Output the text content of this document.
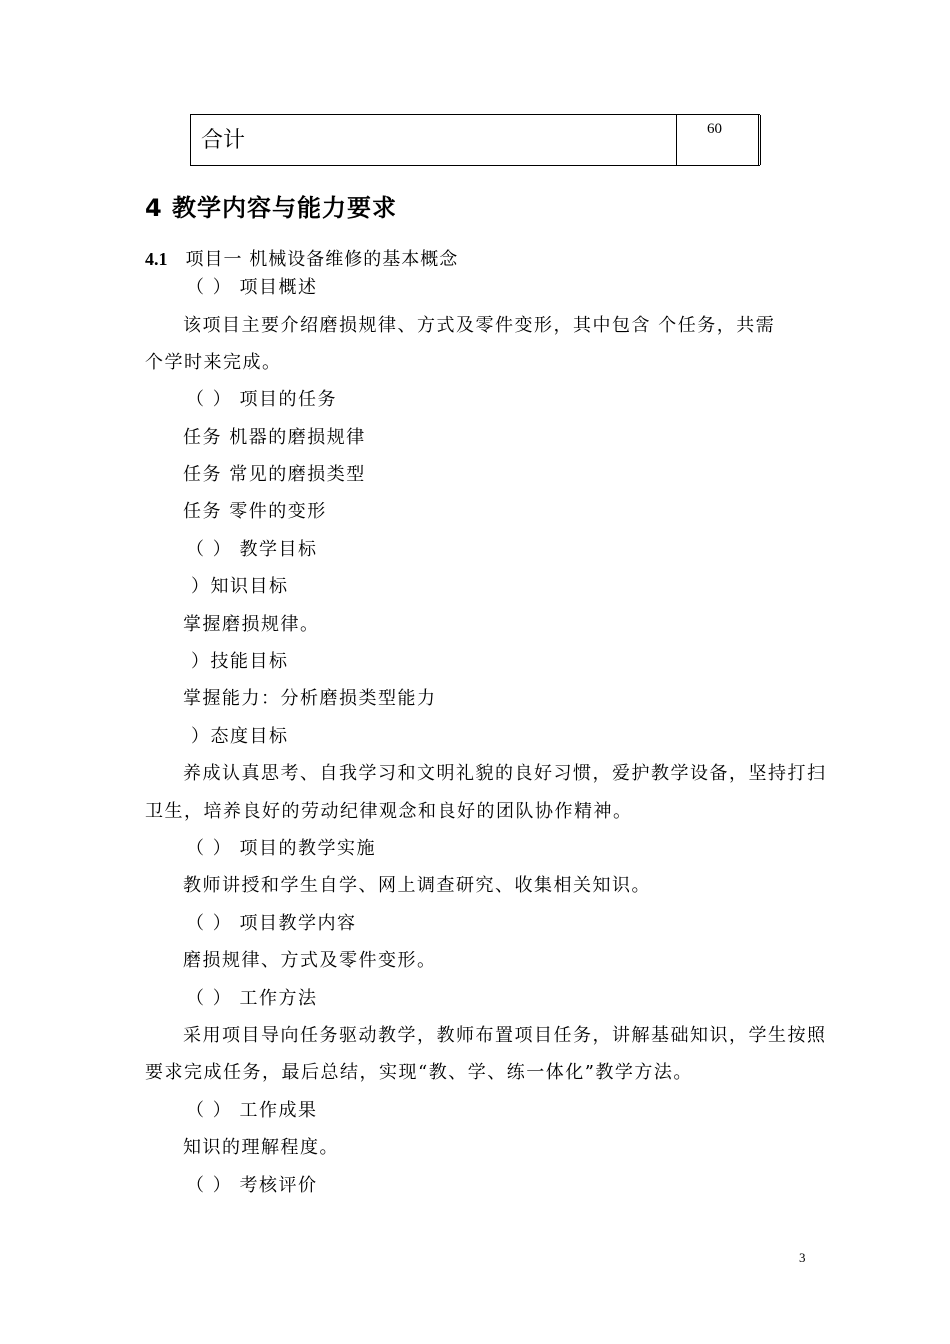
合计	60
4 教学内容与能力要求
4.1 项目一 机械设备维修的基本概念
（ ） 项目概述
该项目主要介绍磨损规律、方式及零件变形，其中包含 个任务，共需
个学时来完成。
（ ） 项目的任务
任务 机器的磨损规律
任务 常见的磨损类型
任务 零件的变形
（ ） 教学目标
）知识目标
掌握磨损规律。
）技能目标
掌握能力：分析磨损类型能力
）态度目标
养成认真思考、自我学习和文明礼貌的良好习惯，爱护教学设备，坚持打扫
卫生，培养良好的劳动纪律观念和良好的团队协作精神。
（ ） 项目的教学实施
教师讲授和学生自学、网上调查研究、收集相关知识。
（ ） 项目教学内容
磨损规律、方式及零件变形。
（ ） 工作方法
采用项目导向任务驱动教学，教师布置项目任务，讲解基础知识，学生按照
要求完成任务，最后总结，实现“教、学、练一体化”教学方法。
（ ） 工作成果
知识的理解程度。
（ ） 考核评价
3
